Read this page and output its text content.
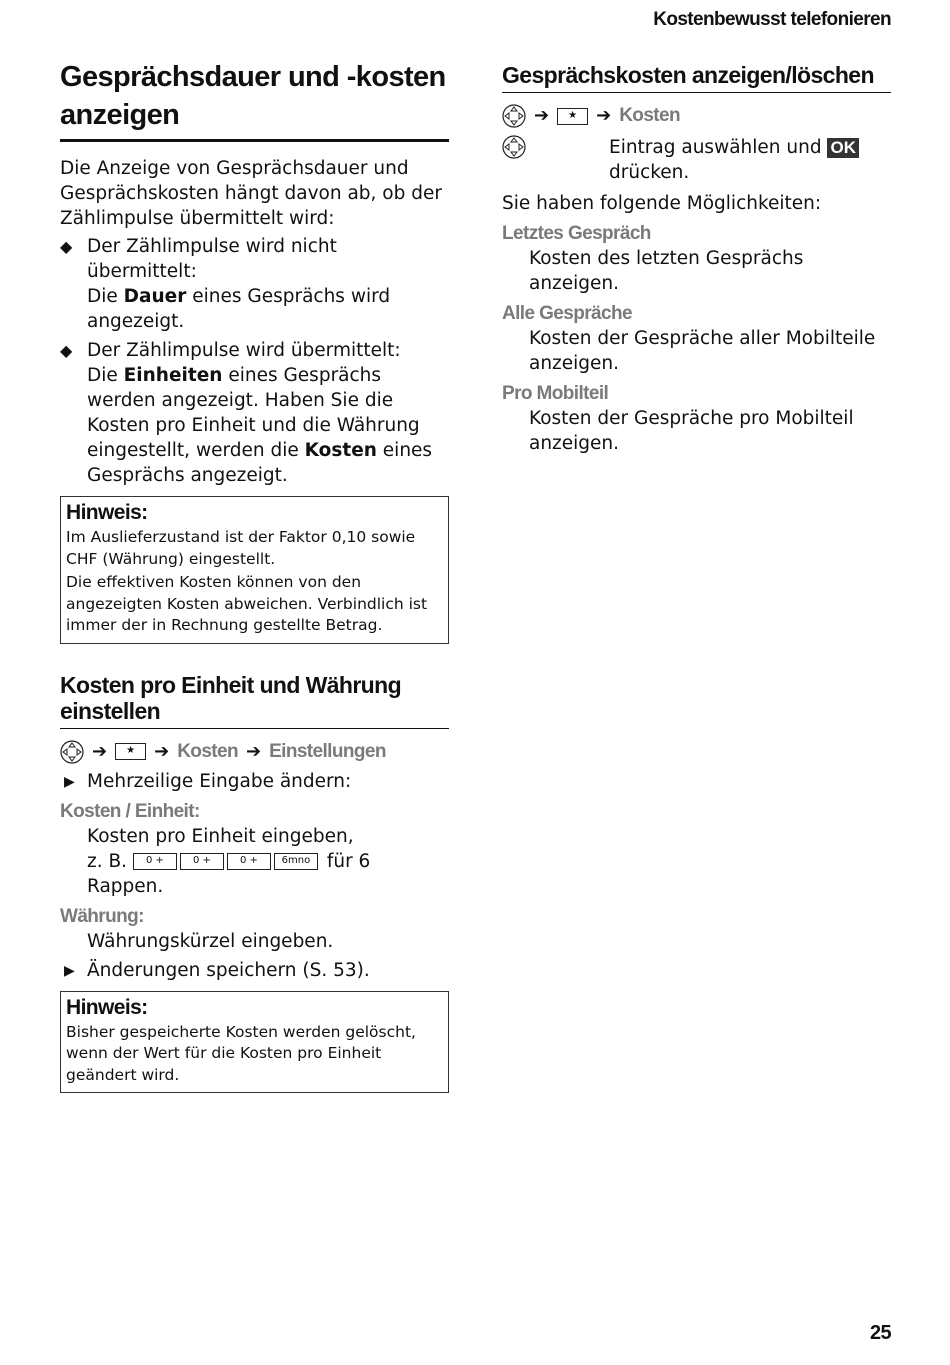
Kostenbewusst telefonieren
Gesprächsdauer und -kosten anzeigen

Die Anzeige von Gesprächsdauer und Gesprächskosten hängt davon ab, ob der Zählimpulse übermittelt wird:

◆ Der Zählimpulse wird nicht übermittelt:
Die Dauer eines Gesprächs wird angezeigt.
◆ Der Zählimpulse wird übermittelt:
Die Einheiten eines Gesprächs werden angezeigt. Haben Sie die Kosten pro Einheit und die Währung eingestellt, werden die Kosten eines Gesprächs angezeigt.
Hinweis:

Im Auslieferzustand ist der Faktor 0,10 sowie CHF (Währung) eingestellt.

Die effektiven Kosten können von den angezeigten Kosten abweichen. Verbindlich ist immer der in Rechnung gestellte Betrag.

Kosten pro Einheit und Währung einstellen
➔	★	➔ Kosten ➔ Einstellungen
▶ Mehrzeilige Eingabe ändern:
Kosten / Einheit:
Kosten pro Einheit eingeben,
z. B. 0 +	0 +	0 + 6mno für 6 Rappen.
Währung:
Währungskürzel eingeben.
▶ Änderungen speichern (S. 53).
Hinweis:

Bisher gespeicherte Kosten werden gelöscht, wenn der Wert für die Kosten pro Einheit geändert wird.

Gesprächskosten anzeigen/löschen
➔	★	➔ Kosten
Eintrag auswählen und OK
drücken.

Sie haben folgende Möglichkeiten:

Letztes Gespräch
Kosten des letzten Gesprächs anzeigen.
Alle Gespräche
Kosten der Gespräche aller Mobilteile anzeigen.
Pro Mobilteil
Kosten der Gespräche pro Mobilteil anzeigen.
25
